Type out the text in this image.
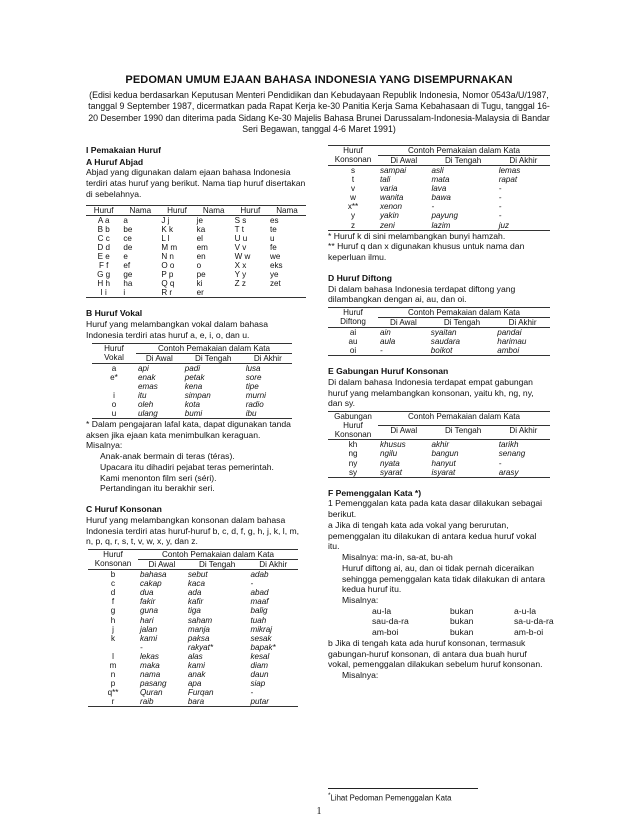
PEDOMAN UMUM EJAAN BAHASA INDONESIA YANG DISEMPURNAKAN
(Edisi kedua berdasarkan Keputusan Menteri Pendidikan dan Kebudayaan Republik Indonesia, Nomor 0543a/U/1987, tanggal 9 September 1987, dicermatkan pada Rapat Kerja ke-30 Panitia Kerja Sama Kebahasaan di Tugu, tanggal 16-20 Desember 1990 dan diterima pada Sidang Ke-30 Majelis Bahasa Brunei Darussalam-Indonesia-Malaysia di Bandar Seri Begawan, tanggal 4-6 Maret 1991)

I Pemakaian Huruf

A Huruf Abjad

Abjad yang digunakan dalam ejaan bahasa Indonesia terdiri atas huruf yang berikut. Nama tiap huruf disertakan di sebelahnya.

Huruf	Nama	Huruf	Nama	Huruf	Nama
A a	a	J j	je	S s	es
B b	be	K k	ka	T t	te
C c	ce	L l	el	U u	u
D d	de	M m	em	V v	fe
E e	e	N n	en	W w	we
F f	ef	O o	o	X x	eks
G g	ge	P p	pe	Y y	ye
H h	ha	Q q	ki	Z z	zet
I i	i	R r	er		

B Huruf Vokal

Huruf yang melambangkan vokal dalam bahasa Indonesia terdiri atas huruf a, e, i, o, dan u.

Huruf Vokal	Contoh Pemakaian dalam Kata		
	Di Awal	Di Tengah	Di Akhir
a	api	padi	lusa
e*	enak	petak	sore
	emas	kena	tipe
i	itu	simpan	murni
o	oleh	kota	radio
u	ulang	bumi	ibu

* Dalam pengajaran lafal kata, dapat digunakan tanda aksen jika ejaan kata menimbulkan keraguan.

Misalnya:

Anak-anak bermain di teras (téras).

Upacara itu dihadiri pejabat teras pemerintah.

Kami menonton film seri (séri).

Pertandingan itu berakhir seri.

C Huruf Konsonan

Huruf yang melambangkan konsonan dalam bahasa Indonesia terdiri atas huruf-huruf b, c, d, f, g, h, j, k, l, m, n, p, q, r, s, t, v, w, x, y, dan z.

Huruf Konsonan	Contoh Pemakaian dalam Kata		
	Di Awal	Di Tengah	Di Akhir
b	bahasa	sebut	adab
c	cakap	kaca	-
d	dua	ada	abad
f	fakir	kafir	maaf
g	guna	tiga	balig
h	hari	saham	tuah
j	jalan	manja	mikraj
k	kami	paksa	sesak
	-	rakyat*	bapak*
l	lekas	alas	kesal
m	maka	kami	diam
n	nama	anak	daun
p	pasang	apa	siap
q**	Quran	Furqan	-
r	raib	bara	putar
Huruf Konsonan	Contoh Pemakaian dalam Kata		
	Di Awal	Di Tengah	Di Akhir
s	sampai	asli	lemas
t	tali	mata	rapat
v	varia	lava	-
w	wanita	bawa	-
x**	xenon	-	-
y	yakin	payung	-
z	zeni	lazim	juz

* Huruf k di sini melambangkan bunyi hamzah.

** Huruf q dan x digunakan khusus untuk nama dan keperluan ilmu.

D Huruf Diftong

Di dalam bahasa Indonesia terdapat diftong yang dilambangkan dengan ai, au, dan oi.

Huruf Diftong	Contoh Pemakaian dalam Kata		
	Di Awal	Di Tengah	Di Akhir
ai	ain	syaitan	pandai
au	aula	saudara	harimau
oi	-	boikot	amboi

E Gabungan Huruf Konsonan

Di dalam bahasa Indonesia terdapat empat gabungan huruf yang melambangkan konsonan, yaitu kh, ng, ny, dan sy.

Gabungan Huruf Konsonan	Contoh Pemakaian dalam Kata		
	Di Awal	Di Tengah	Di Akhir
kh	khusus	akhir	tarikh
ng	ngilu	bangun	senang
ny	nyata	hanyut	-
sy	syarat	isyarat	arasy

F Pemenggalan Kata *)

1 Pemenggalan kata pada kata dasar dilakukan sebagai berikut.

a Jika di tengah kata ada vokal yang berurutan, pemenggalan itu dilakukan di antara kedua huruf vokal itu.

Misalnya: ma-in, sa-at, bu-ah

Huruf diftong ai, au, dan oi tidak pernah diceraikan sehingga pemenggalan kata tidak dilakukan di antara kedua huruf itu.

Misalnya:

au-la	bukan	a-u-la
sau-da-ra	bukan	sa-u-da-ra
am-boi	bukan	am-b-oi

b Jika di tengah kata ada huruf konsonan, termasuk gabungan-huruf konsonan, di antara dua buah huruf vokal, pemenggalan dilakukan sebelum huruf konsonan.

Misalnya:

*Lihat Pedoman Pemenggalan Kata
1
